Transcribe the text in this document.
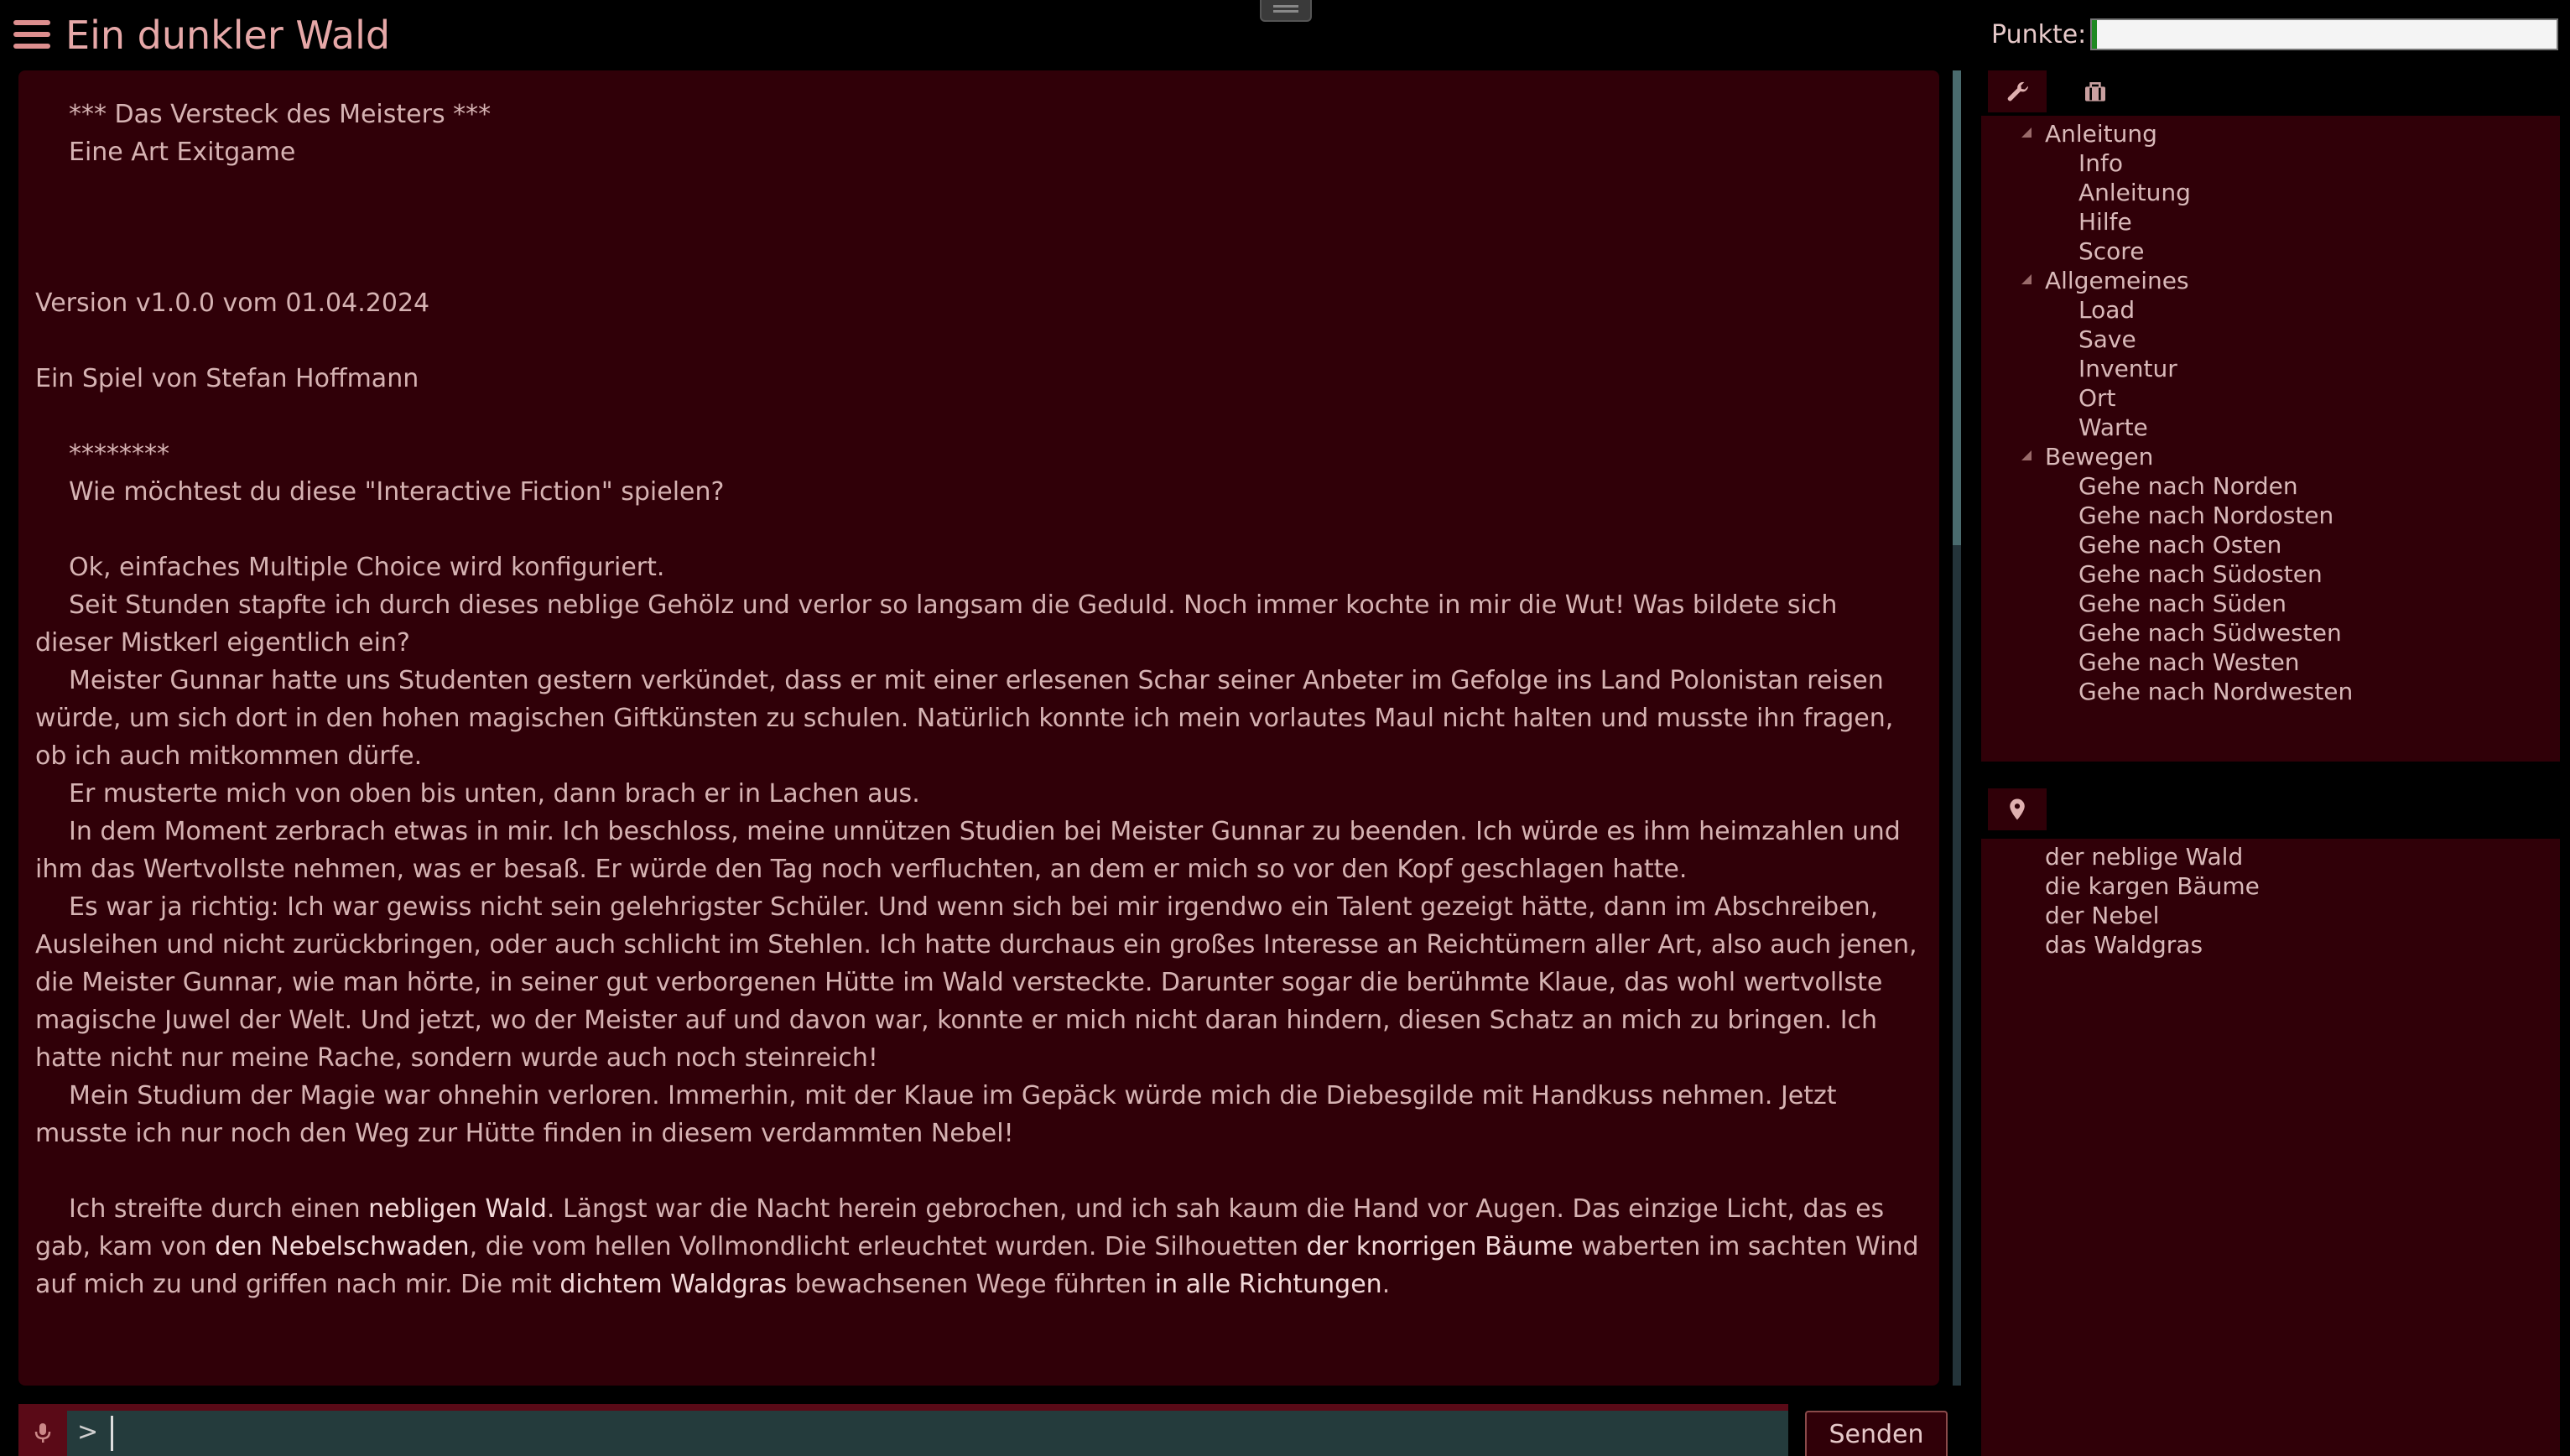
Ein dunkler Wald	Punkte:

*** Das Versteck des Meisters ***

Eine Art Exitgame

Version v1.0.0 vom 01.04.2024

Ein Spiel von Stefan Hoffmann

********

Wie möchtest du diese "Interactive Fiction" spielen?

Ok, einfaches Multiple Choice wird konfiguriert.

Seit Stunden stapfte ich durch dieses neblige Gehölz und verlor so langsam die Geduld. Noch immer kochte in mir die Wut! Was bildete sich dieser Mistkerl eigentlich ein?

Meister Gunnar hatte uns Studenten gestern verkündet, dass er mit einer erlesenen Schar seiner Anbeter im Gefolge ins Land Polonistan reisen würde, um sich dort in den hohen magischen Giftkünsten zu schulen. Natürlich konnte ich mein vorlautes Maul nicht halten und musste ihn fragen, ob ich auch mitkommen dürfe.

Er musterte mich von oben bis unten, dann brach er in Lachen aus.

In dem Moment zerbrach etwas in mir. Ich beschloss, meine unnützen Studien bei Meister Gunnar zu beenden. Ich würde es ihm heimzahlen und ihm das Wertvollste nehmen, was er besaß. Er würde den Tag noch verfluchten, an dem er mich so vor den Kopf geschlagen hatte.

Es war ja richtig: Ich war gewiss nicht sein gelehrigster Schüler. Und wenn sich bei mir irgendwo ein Talent gezeigt hätte, dann im Abschreiben, Ausleihen und nicht zurückbringen, oder auch schlicht im Stehlen. Ich hatte durchaus ein großes Interesse an Reichtümern aller Art, also auch jenen, die Meister Gunnar, wie man hörte, in seiner gut verborgenen Hütte im Wald versteckte. Darunter sogar die berühmte Klaue, das wohl wertvollste magische Juwel der Welt. Und jetzt, wo der Meister auf und davon war, konnte er mich nicht daran hindern, diesen Schatz an mich zu bringen. Ich hatte nicht nur meine Rache, sondern wurde auch noch steinreich!

Mein Studium der Magie war ohnehin verloren. Immerhin, mit der Klaue im Gepäck würde mich die Diebesgilde mit Handkuss nehmen. Jetzt musste ich nur noch den Weg zur Hütte finden in diesem verdammten Nebel!

Ich streifte durch einen nebligen Wald. Längst war die Nacht herein gebrochen, und ich sah kaum die Hand vor Augen. Das einzige Licht, das es gab, kam von den Nebelschwaden, die vom hellen Vollmondlicht erleuchtet wurden. Die Silhouetten der knorrigen Bäume waberten im sachten Wind auf mich zu und griffen nach mir. Die mit dichtem Waldgras bewachsenen Wege führten in alle Richtungen.

>	Senden
Anleitung
Info
Anleitung
Hilfe
Score
Allgemeines
Load
Save
Inventur
Ort
Warte
Bewegen
Gehe nach Norden
Gehe nach Nordosten
Gehe nach Osten
Gehe nach Südosten
Gehe nach Süden
Gehe nach Südwesten
Gehe nach Westen
Gehe nach Nordwesten
der neblige Wald
die kargen Bäume
der Nebel
das Waldgras
